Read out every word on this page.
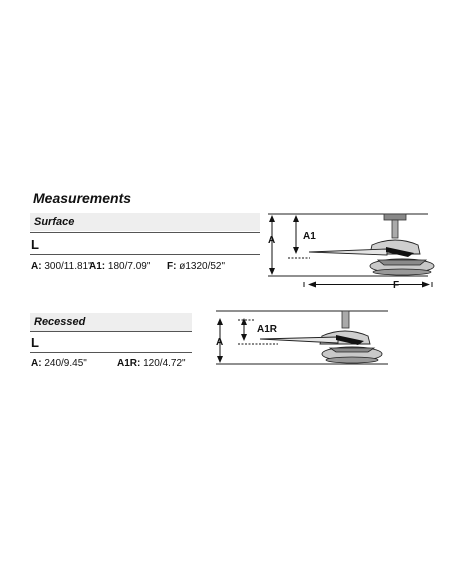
Measurements
Surface
L
A: 300/11.81"A1: 180/7.09" F: ø1320/52"
A	A1
F
Recessed
L
A: 240/9.45"	A1R: 120/4.72"
A
A1R
